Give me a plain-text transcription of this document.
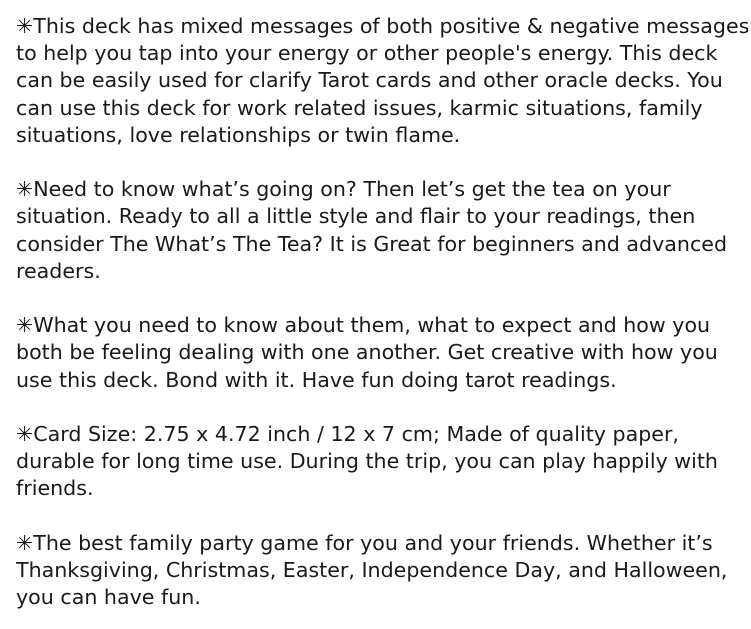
✳This deck has mixed messages of both positive & negative messages to help you tap into your energy or other people's energy. This deck can be easily used for clarify Tarot cards and other oracle decks. You can use this deck for work related issues, karmic situations, family situations, love relationships or twin flame.

✳Need to know what’s going on? Then let’s get the tea on your situation. Ready to all a little style and flair to your readings, then consider The What’s The Tea? It is Great for beginners and advanced readers.

✳What you need to know about them, what to expect and how you both be feeling dealing with one another. Get creative with how you use this deck. Bond with it. Have fun doing tarot readings.

✳Card Size: 2.75 x 4.72 inch / 12 x 7 cm; Made of quality paper, durable for long time use. During the trip, you can play happily with friends.

✳The best family party game for you and your friends. Whether it’s Thanksgiving, Christmas, Easter, Independence Day, and Halloween, you can have fun.
